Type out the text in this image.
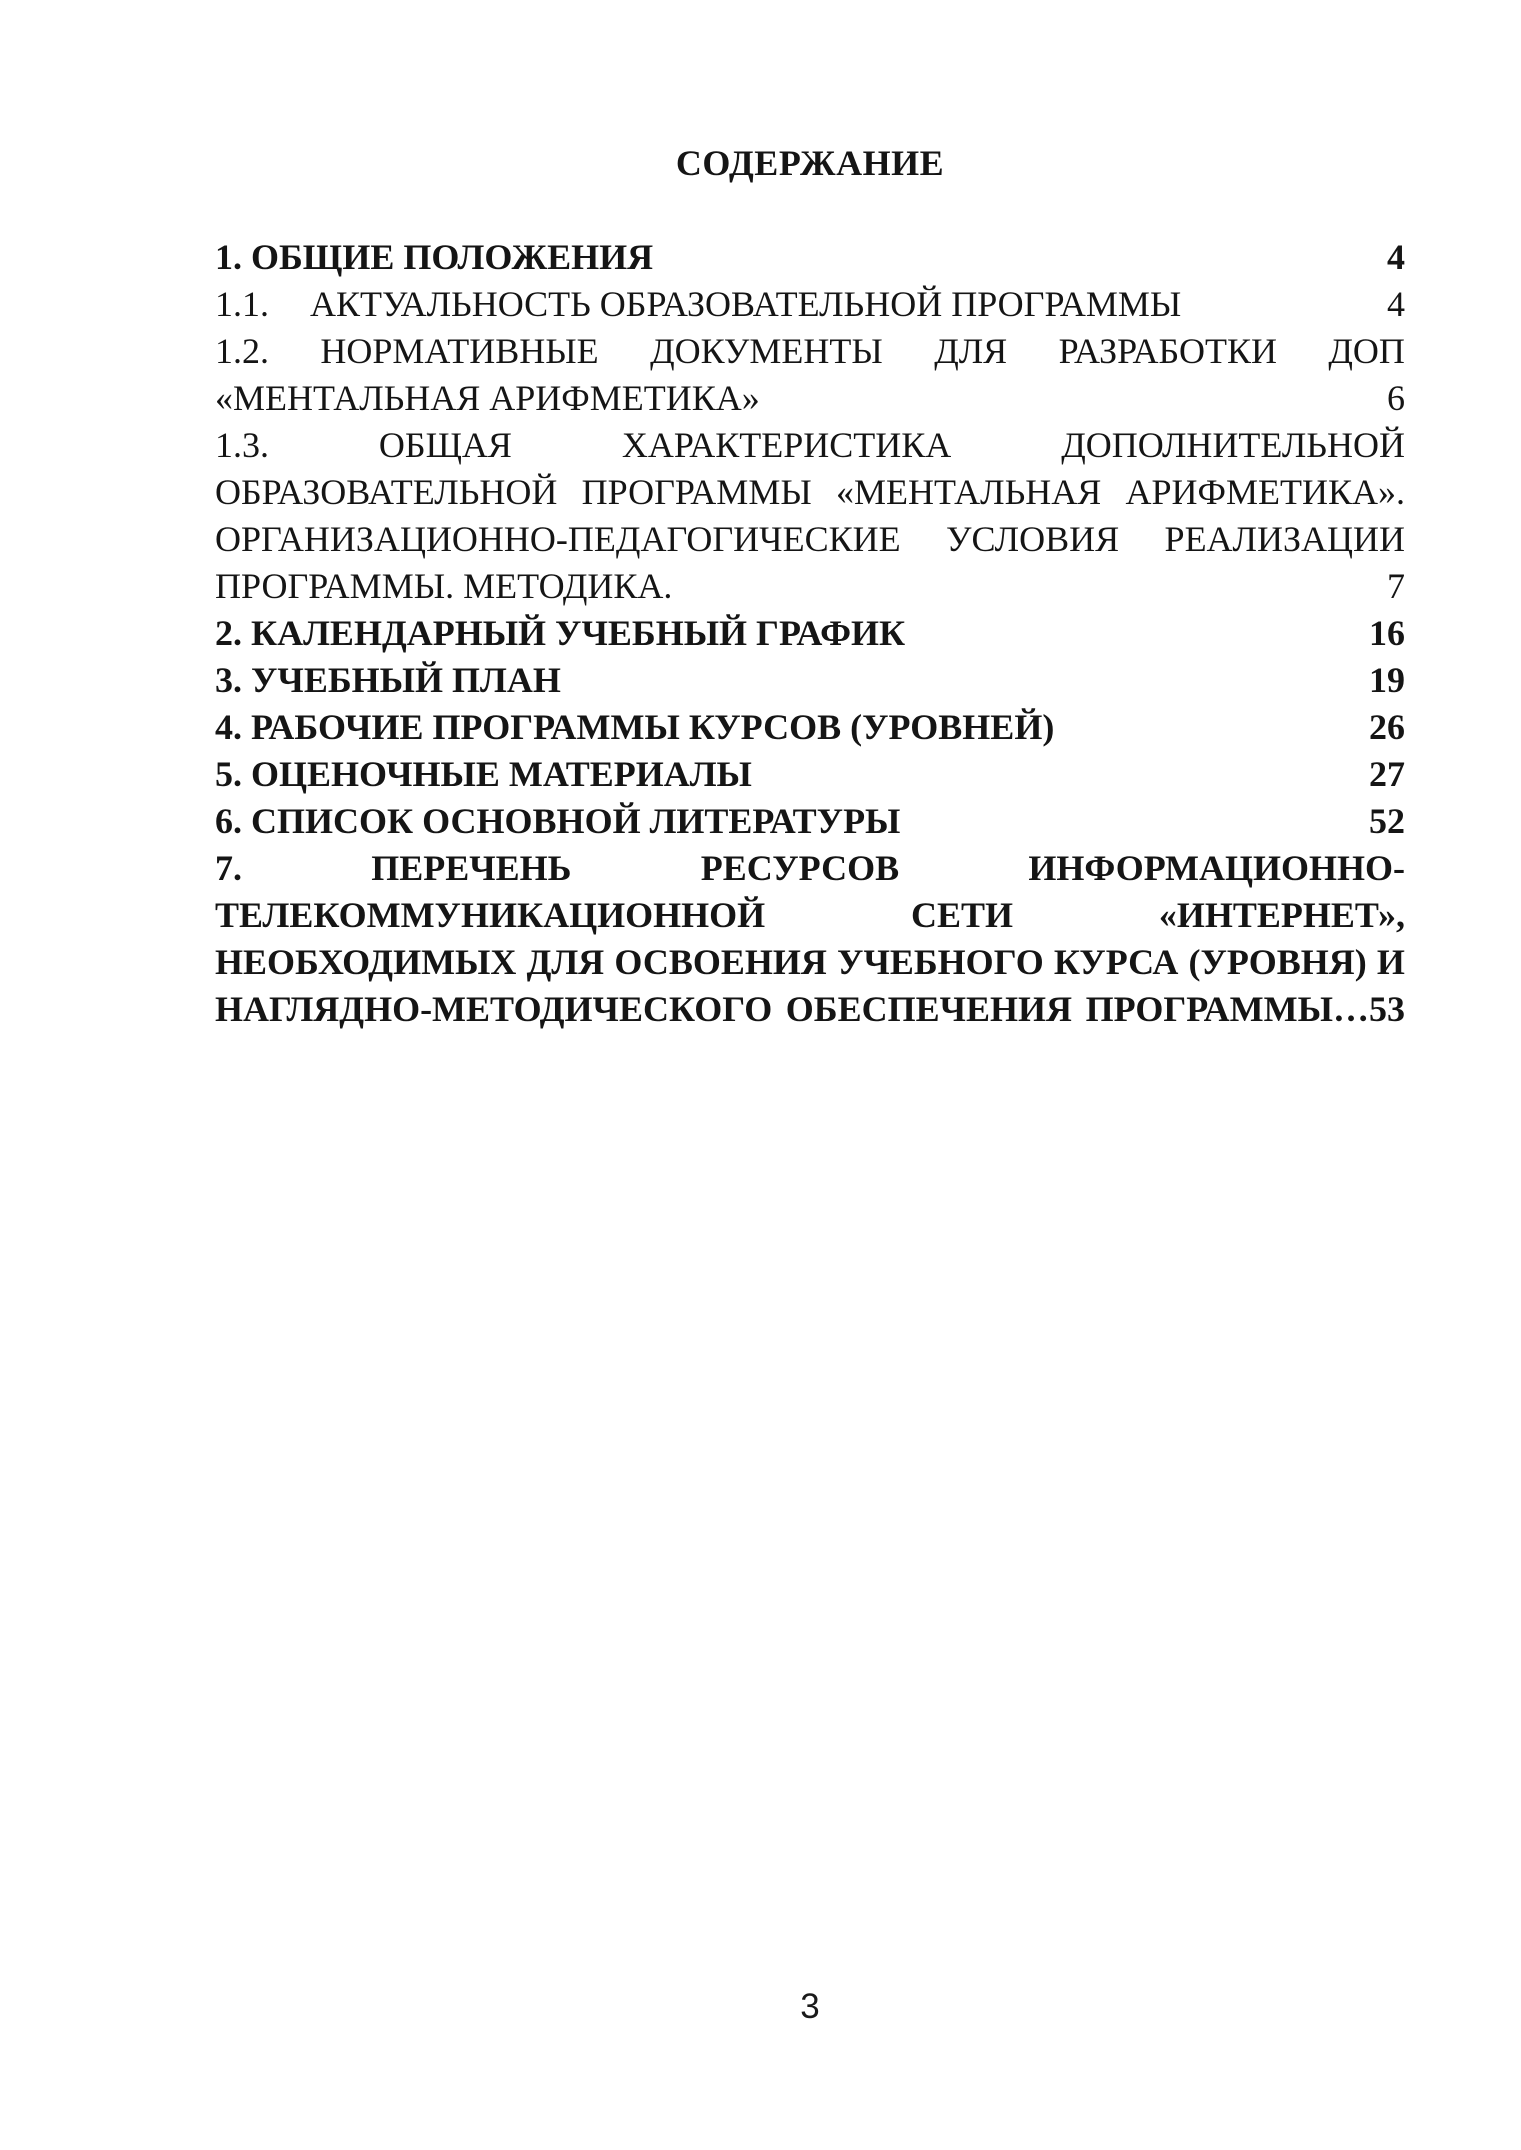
СОДЕРЖАНИЕ
1. ОБЩИЕ ПОЛОЖЕНИЯ	4
1.1.	АКТУАЛЬНОСТЬ ОБРАЗОВАТЕЛЬНОЙ ПРОГРАММЫ	4
1.2. НОРМАТИВНЫЕ ДОКУМЕНТЫ ДЛЯ РАЗРАБОТКИ ДОП
«МЕНТАЛЬНАЯ АРИФМЕТИКА»	6
1.3.	ОБЩАЯ	ХАРАКТЕРИСТИКА	ДОПОЛНИТЕЛЬНОЙ
ОБРАЗОВАТЕЛЬНОЙ ПРОГРАММЫ «МЕНТАЛЬНАЯ АРИФМЕТИКА».
ОРГАНИЗАЦИОННО-ПЕДАГОГИЧЕСКИЕ УСЛОВИЯ РЕАЛИЗАЦИИ
ПРОГРАММЫ. МЕТОДИКА.	7
2. КАЛЕНДАРНЫЙ УЧЕБНЫЙ ГРАФИК	16
3. УЧЕБНЫЙ ПЛАН	19
4. РАБОЧИЕ ПРОГРАММЫ КУРСОВ (УРОВНЕЙ)	26
5. ОЦЕНОЧНЫЕ МАТЕРИАЛЫ	27
6. СПИСОК ОСНОВНОЙ ЛИТЕРАТУРЫ	52
7.	ПЕРЕЧЕНЬ	РЕСУРСОВ	ИНФОРМАЦИОННО-
ТЕЛЕКОММУНИКАЦИОННОЙ	СЕТИ	«ИНТЕРНЕТ»,
НЕОБХОДИМЫХ ДЛЯ ОСВОЕНИЯ УЧЕБНОГО КУРСА (УРОВНЯ) И
НАГЛЯДНО-МЕТОДИЧЕСКОГО ОБЕСПЕЧЕНИЯ ПРОГРАММЫ…53
3
